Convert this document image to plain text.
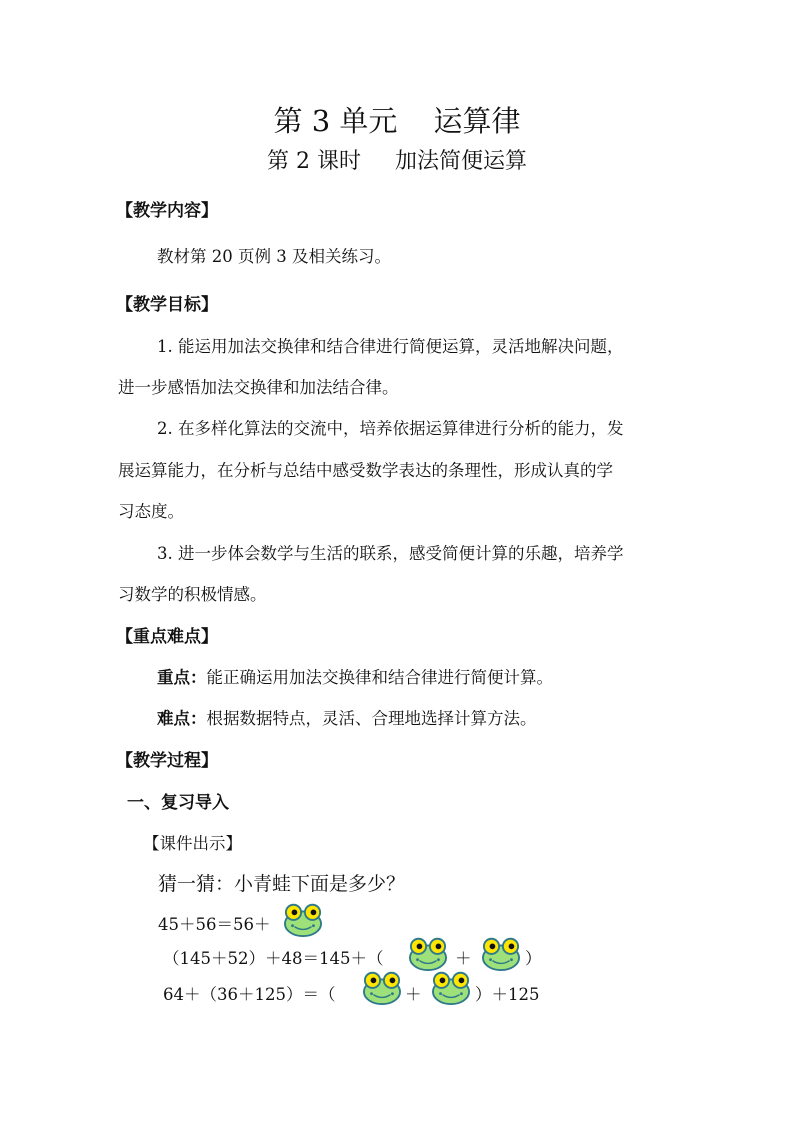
第 3 单元 运算律
第 2 课时 加法简便运算
【教学内容】
教材第 20 页例 3 及相关练习。
【教学目标】
1. 能运用加法交换律和结合律进行简便运算，灵活地解决问题，
进一步感悟加法交换律和加法结合律。
2. 在多样化算法的交流中，培养依据运算律进行分析的能力，发
展运算能力，在分析与总结中感受数学表达的条理性，形成认真的学
习态度。
3. 进一步体会数学与生活的联系，感受简便计算的乐趣，培养学
习数学的积极情感。
【重点难点】
重点：能正确运用加法交换律和结合律进行简便计算。
难点：根据数据特点，灵活、合理地选择计算方法。
【教学过程】
一、复习导入
【课件出示】
猜一猜：小青蛙下面是多少？
45＋56＝56＋
（145＋52）＋48＝145＋（	＋	）
64＋（36＋125）＝（	＋	）＋125
